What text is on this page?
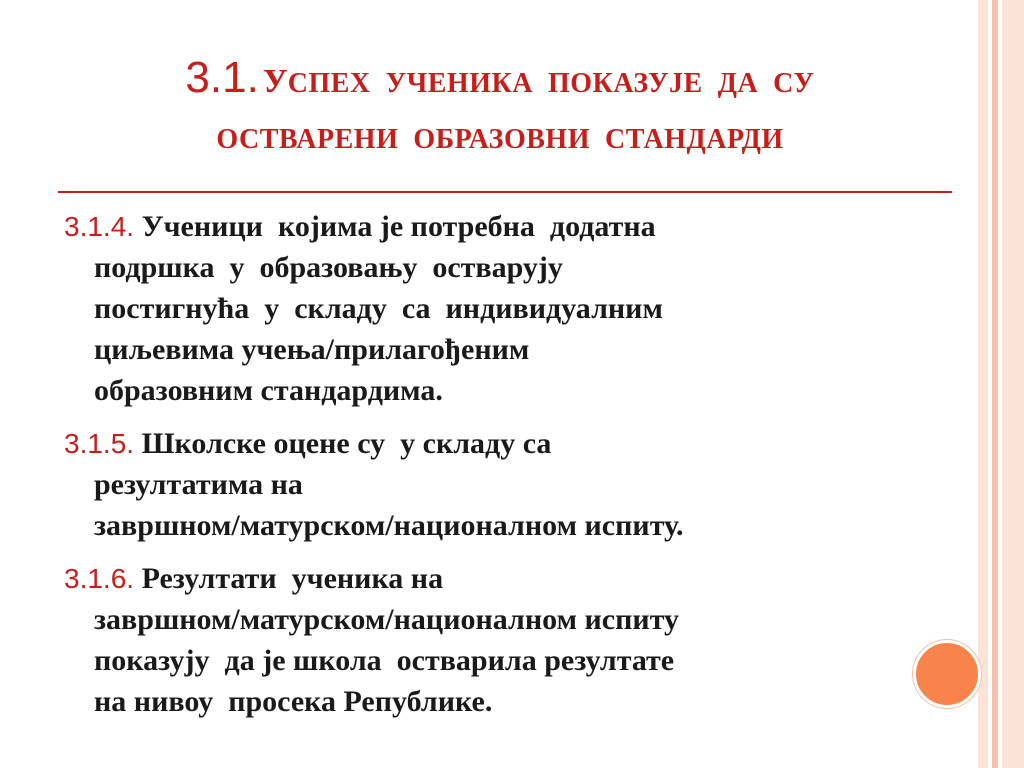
3.1. УСПЕХ  УЧЕНИКА  ПОКАЗУЈЕ  ДА  СУ
ОСТВАРЕНИ  ОБРАЗОВНИ  СТАНДАРДИ
3.1.4. Ученици  којима је потребна  додатна
подршка  у  образовању  остварују
постигнућа  у  складу  са  индивидуалним
циљевима учења/прилагођеним
образовним стандардима.
3.1.5. Школске оцене су  у складу са
резултатима на
завршном/матурском/националном испиту.
3.1.6. Резултати  ученика на
завршном/матурском/националном испиту
показују  да је школа  остварила резултате
на нивоу  просека Републике.
